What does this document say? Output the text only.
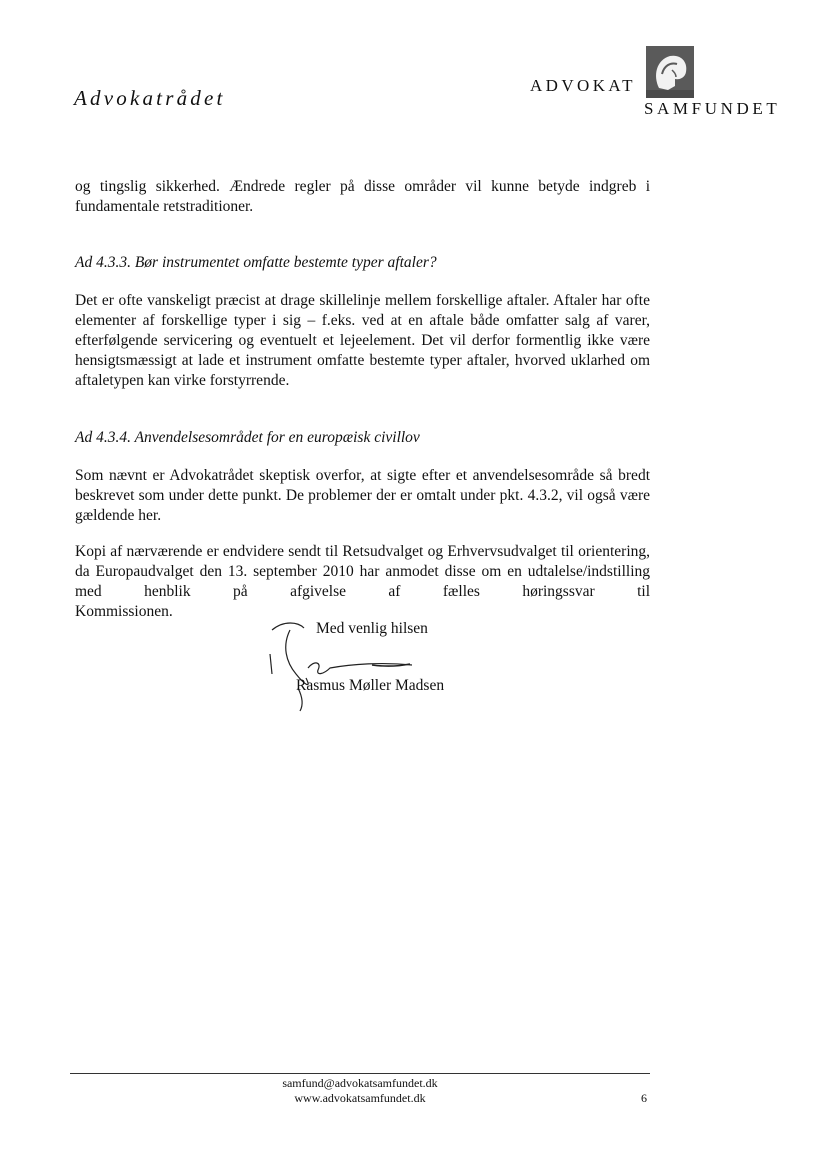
Advokatrådet
ADVOKAT
SAMFUNDET
og tingslig sikkerhed. Ændrede regler på disse områder vil kunne betyde indgreb i fundamentale retstraditioner.
Ad 4.3.3. Bør instrumentet omfatte bestemte typer aftaler?
Det er ofte vanskeligt præcist at drage skillelinje mellem forskellige aftaler. Aftaler har ofte elementer af forskellige typer i sig – f.eks. ved at en aftale både omfatter salg af varer, efterfølgende servicering og eventuelt et lejeelement. Det vil derfor formentlig ikke være hensigtsmæssigt at lade et instrument omfatte bestemte typer aftaler, hvorved uklarhed om aftaletypen kan virke forstyrrende.
Ad 4.3.4. Anvendelsesområdet for en europæisk civillov
Som nævnt er Advokatrådet skeptisk overfor, at sigte efter et anvendelsesområde så bredt beskrevet som under dette punkt. De problemer der er omtalt under pkt. 4.3.2, vil også være gældende her.
Kopi af nærværende er endvidere sendt til Retsudvalget og Erhvervsudvalget til orientering, da Europaudvalget den 13. september 2010 har anmodet disse om en udtalelse/indstilling med henblik på afgivelse af fælles høringssvar til
Kommissionen.
Med venlig hilsen
Rasmus Møller Madsen
samfund@advokatsamfundet.dk
www.advokatsamfundet.dk	6
